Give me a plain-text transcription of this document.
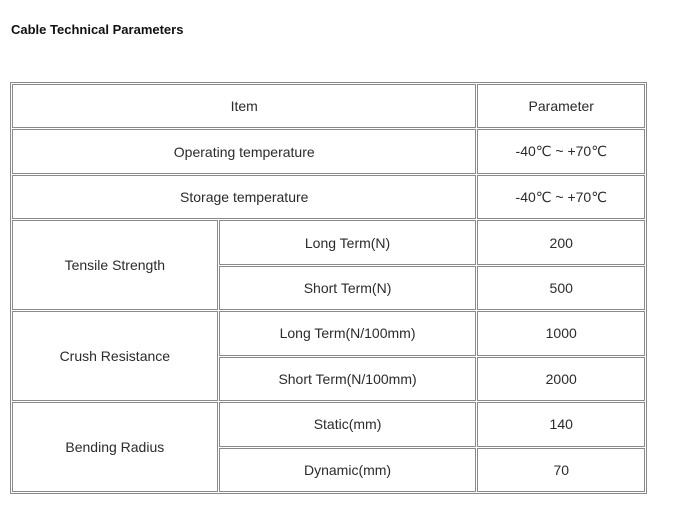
Cable Technical Parameters
Item		Parameter
Operating temperature		-40℃ ~ +70℃
Storage temperature		-40℃ ~ +70℃
Tensile Strength	Long Term(N)	200
	Short Term(N)	500
Crush Resistance	Long Term(N/100mm)	1000
	Short Term(N/100mm)	2000
Bending Radius	Static(mm)	140
	Dynamic(mm)	70
